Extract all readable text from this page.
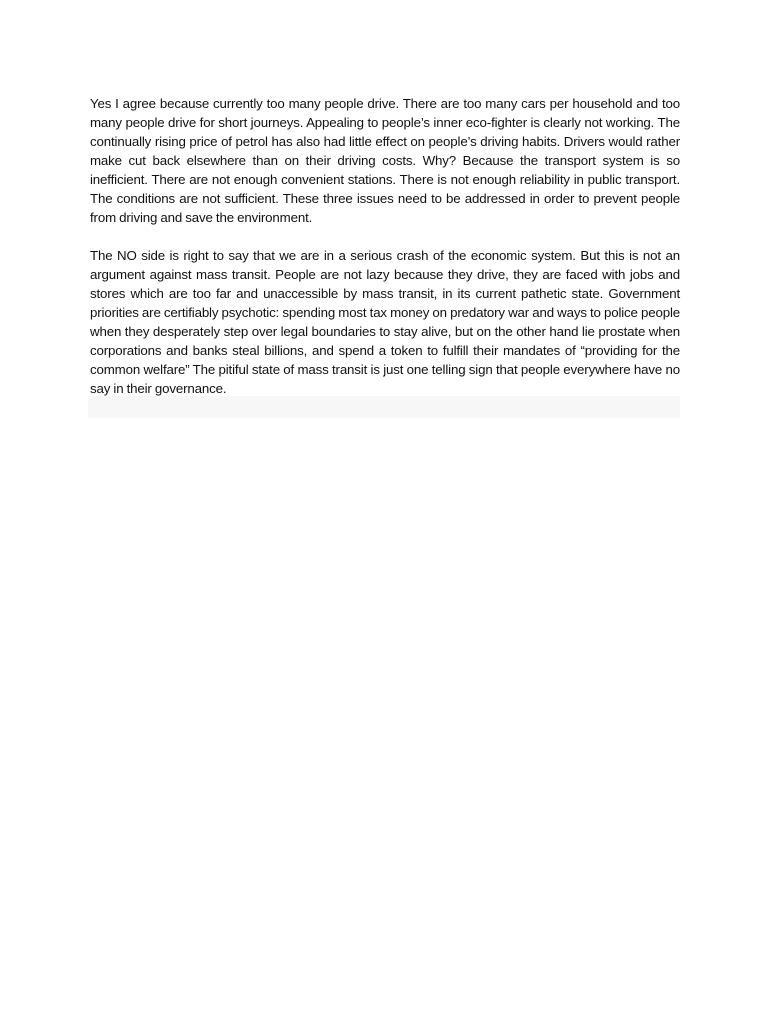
Yes I agree because currently too many people drive. There are too many cars per household and too many people drive for short journeys. Appealing to people’s inner eco-fighter is clearly not working. The continually rising price of petrol has also had little effect on people’s driving habits. Drivers would rather make cut back elsewhere than on their driving costs. Why? Because the transport system is so inefficient. There are not enough convenient stations. There is not enough reliability in public transport. The conditions are not sufficient. These three issues need to be addressed in order to prevent people from driving and save the environment.

The NO side is right to say that we are in a serious crash of the economic system. But this is not an argument against mass transit. People are not lazy because they drive, they are faced with jobs and stores which are too far and unaccessible by mass transit, in its current pathetic state. Government priorities are certifiably psychotic: spending most tax money on predatory war and ways to police people when they desperately step over legal boundaries to stay alive, but on the other hand lie prostate when corporations and banks steal billions, and spend a token to fulfill their mandates of “providing for the common welfare” The pitiful state of mass transit is just one telling sign that people everywhere have no say in their governance.
